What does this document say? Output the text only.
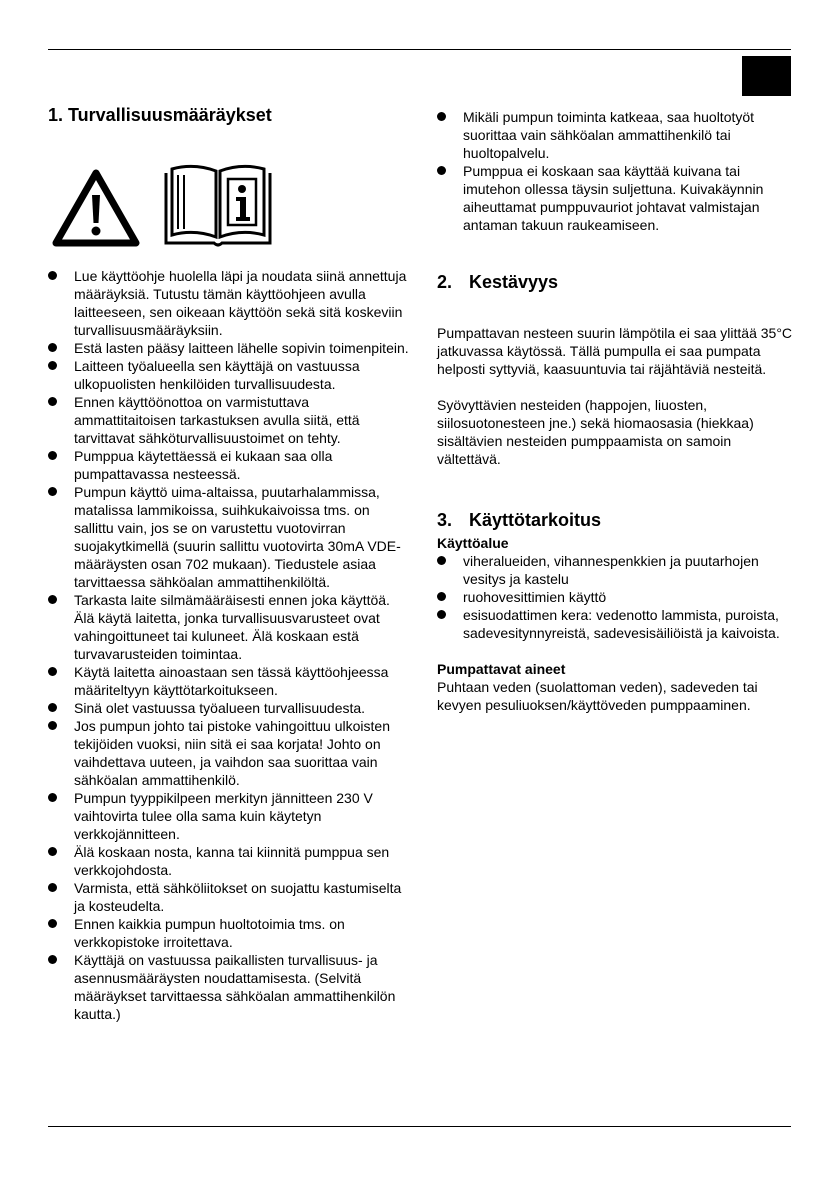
1. Turvallisuusmääräykset
Lue käyttöohje huolella läpi ja noudata siinä annettuja määräyksiä. Tutustu tämän käyttöohjeen avulla laitteeseen, sen oikeaan käyttöön sekä sitä koskeviin turvallisuusmääräyksiin.
Estä lasten pääsy laitteen lähelle sopivin toimenpitein.
Laitteen työalueella sen käyttäjä on vastuussa ulkopuolisten henkilöiden turvallisuudesta.
Ennen käyttöönottoa on varmistuttava ammattitaitoisen tarkastuksen avulla siitä, että tarvittavat sähköturvallisuustoimet on tehty.
Pumppua käytettäessä ei kukaan saa olla pumpattavassa nesteessä.
Pumpun käyttö uima-altaissa, puutarhalammissa, matalissa lammikoissa, suihkukaivoissa tms. on sallittu vain, jos se on varustettu vuotovirran suojakytkimellä (suurin sallittu vuotovirta 30mA VDE-määräysten osan 702 mukaan). Tiedustele asiaa tarvittaessa sähköalan ammattihenkilöltä.
Tarkasta laite silmämääräisesti ennen joka käyttöä. Älä käytä laitetta, jonka turvallisuusvarusteet ovat vahingoittuneet tai kuluneet. Älä koskaan estä turvavarusteiden toimintaa.
Käytä laitetta ainoastaan sen tässä käyttöohjeessa määriteltyyn käyttötarkoitukseen.
Sinä olet vastuussa työalueen turvallisuudesta.
Jos pumpun johto tai pistoke vahingoittuu ulkoisten tekijöiden vuoksi, niin sitä ei saa korjata! Johto on vaihdettava uuteen, ja vaihdon saa suorittaa vain sähköalan ammattihenkilö.
Pumpun tyyppikilpeen merkityn jännitteen 230 V vaihtovirta tulee olla sama kuin käytetyn verkkojännitteen.
Älä koskaan nosta, kanna tai kiinnitä pumppua sen verkkojohdosta.
Varmista, että sähköliitokset on suojattu kastumiselta ja kosteudelta.
Ennen kaikkia pumpun huoltotoimia tms. on verkkopistoke irroitettava.
Käyttäjä on vastuussa paikallisten turvallisuus- ja asennusmääräysten noudattamisesta. (Selvitä määräykset tarvittaessa sähköalan ammattihenkilön kautta.)
Mikäli pumpun toiminta katkeaa, saa huoltotyöt suorittaa vain sähköalan ammattihenkilö tai huoltopalvelu.
Pumppua ei koskaan saa käyttää kuivana tai imutehon ollessa täysin suljettuna. Kuivakäynnin aiheuttamat pumppuvauriot johtavat valmistajan antaman takuun raukeamiseen.
2. Kestävyys

Pumpattavan nesteen suurin lämpötila ei saa ylittää 35°C jatkuvassa käytössä. Tällä pumpulla ei saa pumpata helposti syttyviä, kaasuuntuvia tai räjähtäviä nesteitä.

Syövyttävien nesteiden (happojen, liuosten, siilosuotonesteen jne.) sekä hiomaosasia (hiekkaa) sisältävien nesteiden pumppaamista on samoin vältettävä.

3. Käyttötarkoitus
Käyttöalue
viheralueiden, vihannespenkkien ja puutarhojen vesitys ja kastelu
ruohovesittimien käyttö
esisuodattimen kera: vedenotto lammista, puroista, sadevesitynnyreistä, sadevesisäiliöistä ja kaivoista.
Pumpattavat aineet

Puhtaan veden (suolattoman veden), sadeveden tai kevyen pesuliuoksen/käyttöveden pumppaaminen.
